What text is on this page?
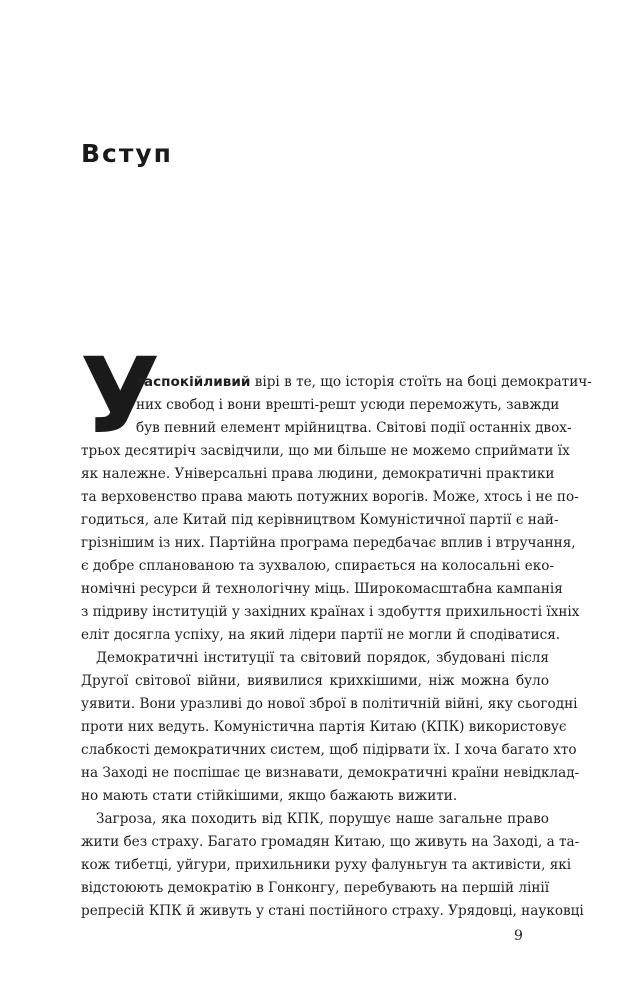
Вступ
У
заспокійливий вірі в те, що історія стоїть на боці демократич-
них свобод і вони врешті-решт усюди переможуть, завжди
був певний елемент мрійництва. Світові події останніх двох-
трьох десятиріч засвідчили, що ми більше не можемо сприймати їх
як належне. Універсальні права людини, демократичні практики
та верховенство права мають потужних ворогів. Може, хтось і не по-
годиться, але Китай під керівництвом Комуністичної партії є най-
грізнішим із них. Партійна програма передбачає вплив і втручання,
є добре спланованою та зухвалою, спирається на колосальні еко-
номічні ресурси й технологічну міць. Широкомасштабна кампанія
з підриву інституцій у західних країнах і здобуття прихильності їхніх
еліт досягла успіху, на який лідери партії не могли й сподіватися.
Демократичні інституції та світовий порядок, збудовані після
Другої світової війни, виявилися крихкішими, ніж можна було
уявити. Вони уразливі до нової зброї в політичній війні, яку сьогодні
проти них ведуть. Комуністична партія Китаю (КПК) використовує
слабкості демократичних систем, щоб підірвати їх. І хоча багато хто
на Заході не поспішає це визнавати, демократичні країни невідклад-
но мають стати стійкішими, якщо бажають вижити.
Загроза, яка походить від КПК, порушує наше загальне право
жити без страху. Багато громадян Китаю, що живуть на Заході, а та-
кож тибетці, уйгури, прихильники руху фалуньгун та активісти, які
відстоюють демократію в Гонконгу, перебувають на першій лінії
репресій КПК й живуть у стані постійного страху. Урядовці, науковці
9
